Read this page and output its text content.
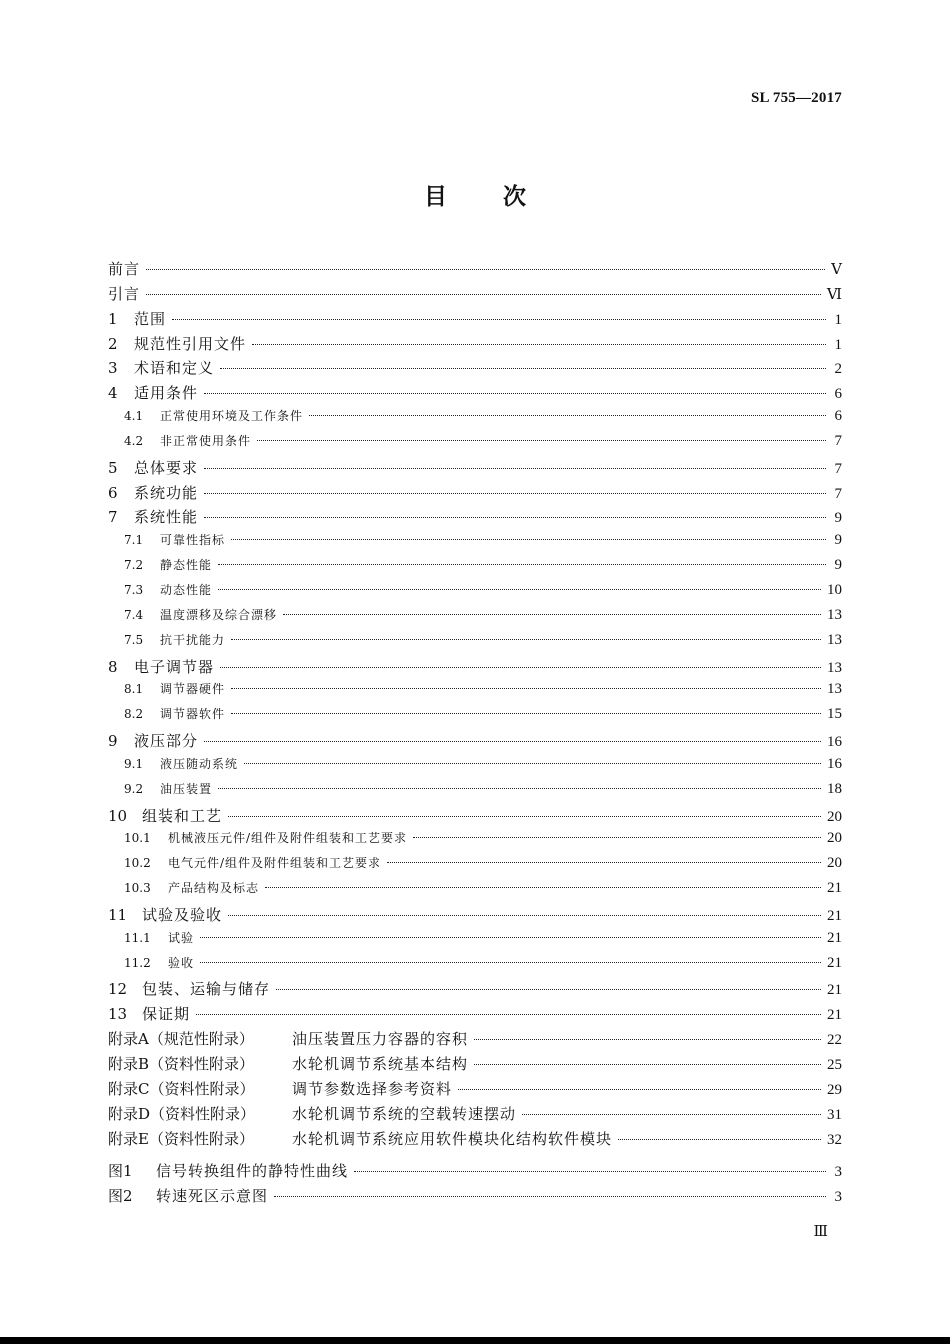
SL 755—2017
目次
前言	Ⅴ
引言	Ⅵ
1	范围	1
2	规范性引用文件	1
3	术语和定义	2
4	适用条件	6
4.1	正常使用环境及工作条件	6
4.2	非正常使用条件	7
5	总体要求	7
6	系统功能	7
7	系统性能	9
7.1	可靠性指标	9
7.2	静态性能	9
7.3	动态性能	10
7.4	温度漂移及综合漂移	13
7.5	抗干扰能力	13
8	电子调节器	13
8.1	调节器硬件	13
8.2	调节器软件	15
9	液压部分	16
9.1	液压随动系统	16
9.2	油压装置	18
10 组装和工艺	20
10.1	机械液压元件/组件及附件组装和工艺要求	20
10.2	电气元件/组件及附件组装和工艺要求	20
10.3	产品结构及标志	21
11 试验及验收	21
11.1	试验	21
11.2	验收	21
12 包装、运输与储存	21
13 保证期	21
附录A（规范性附录）	油压装置压力容器的容积	22
附录B（资料性附录）	水轮机调节系统基本结构	25
附录C（资料性附录）	调节参数选择参考资料	29
附录D（资料性附录）	水轮机调节系统的空载转速摆动	31
附录E（资料性附录）	水轮机调节系统应用软件模块化结构软件模块	32
图1	信号转换组件的静特性曲线	3
图2	转速死区示意图	3
Ⅲ
